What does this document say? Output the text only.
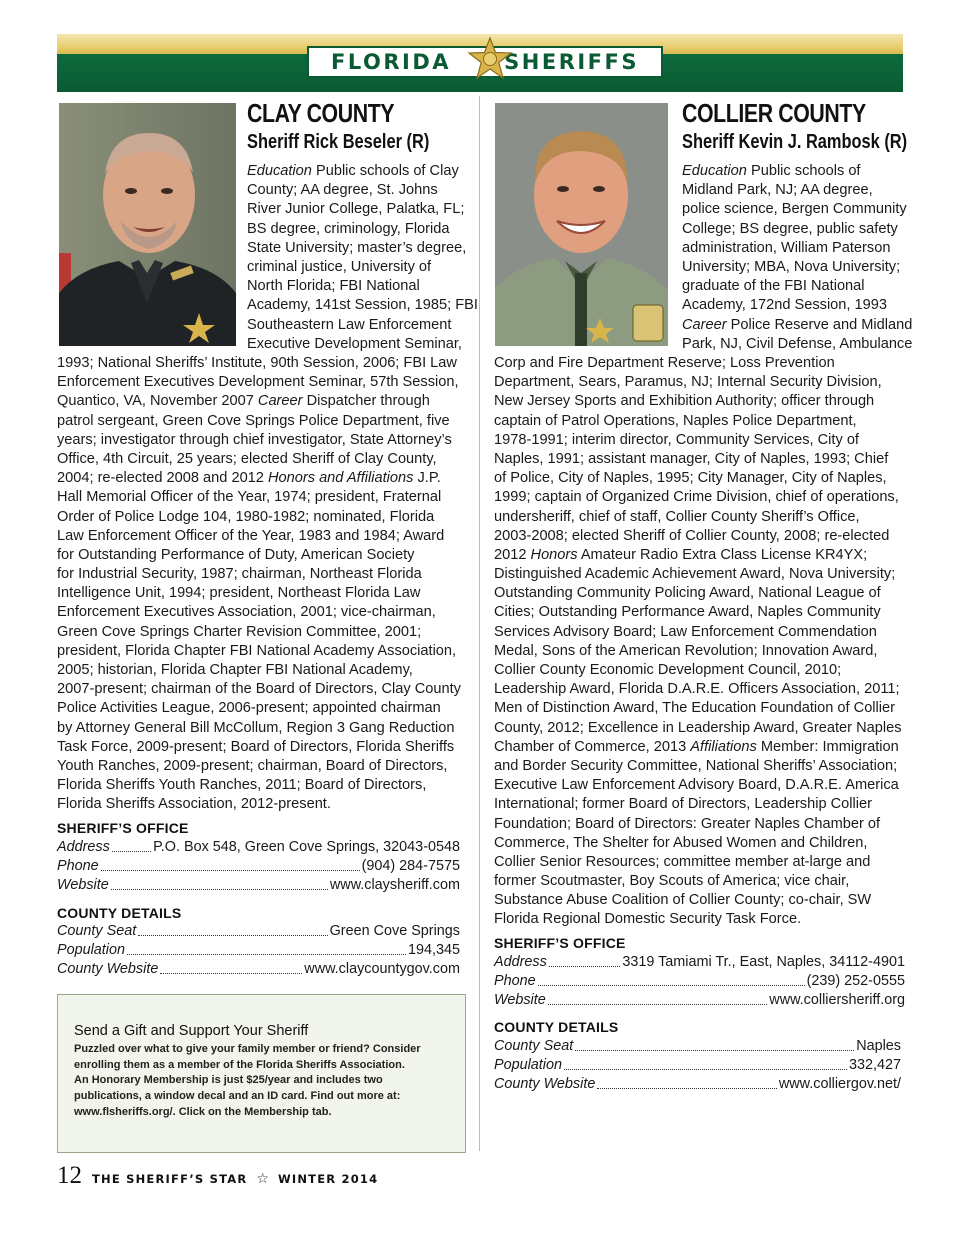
FLORIDA	SHERIFFS
CLAY COUNTY
Sheriff Rick Beseler (R)
COLLIER COUNTY
Sheriff Kevin J. Rambosk (R)
Education Public schools of Clay
County; AA degree, St. Johns
River Junior College, Palatka, FL;
BS degree, criminology, Florida
State University; master’s degree,
criminal justice, University of
North Florida; FBI National
Academy, 141st Session, 1985; FBI
Southeastern Law Enforcement
Executive Development Seminar,
1993; National Sheriffs’ Institute, 90th Session, 2006; FBI Law
Enforcement Executives Development Seminar, 57th Session,
Quantico, VA, November 2007 Career Dispatcher through
patrol sergeant, Green Cove Springs Police Department, five
years; investigator through chief investigator, State Attorney’s
Office, 4th Circuit, 25 years; elected Sheriff of Clay County,
2004; re-elected 2008 and 2012 Honors and Affiliations J.P.
Hall Memorial Officer of the Year, 1974; president, Fraternal
Order of Police Lodge 104, 1980-1982; nominated, Florida
Law Enforcement Officer of the Year, 1983 and 1984; Award
for Outstanding Performance of Duty, American Society
for Industrial Security, 1987; chairman, Northeast Florida
Intelligence Unit, 1994; president, Northeast Florida Law
Enforcement Executives Association, 2001; vice-chairman,
Green Cove Springs Charter Revision Committee, 2001;
president, Florida Chapter FBI National Academy Association,
2005; historian, Florida Chapter FBI National Academy,
2007-present; chairman of the Board of Directors, Clay County
Police Activities League, 2006-present; appointed chairman
by Attorney General Bill McCollum, Region 3 Gang Reduction
Task Force, 2009-present; Board of Directors, Florida Sheriffs
Youth Ranches, 2009-present; chairman, Board of Directors,
Florida Sheriffs Youth Ranches, 2011; Board of Directors,
Florida Sheriffs Association, 2012-present.
Education Public schools of
Midland Park, NJ; AA degree,
police science, Bergen Community
College; BS degree, public safety
administration, William Paterson
University; MBA, Nova University;
graduate of the FBI National
Academy, 172nd Session, 1993
Career Police Reserve and Midland
Park, NJ, Civil Defense, Ambulance
Corp and Fire Department Reserve; Loss Prevention
Department, Sears, Paramus, NJ; Internal Security Division,
New Jersey Sports and Exhibition Authority; officer through
captain of Patrol Operations, Naples Police Department,
1978-1991; interim director, Community Services, City of
Naples, 1991; assistant manager, City of Naples, 1993; Chief
of Police, City of Naples, 1995; City Manager, City of Naples,
1999; captain of Organized Crime Division, chief of operations,
undersheriff, chief of staff, Collier County Sheriff’s Office,
2003-2008; elected Sheriff of Collier County, 2008; re-elected
2012 Honors Amateur Radio Extra Class License KR4YX;
Distinguished Academic Achievement Award, Nova University;
Outstanding Community Policing Award, National League of
Cities; Outstanding Performance Award, Naples Community
Services Advisory Board; Law Enforcement Commendation
Medal, Sons of the American Revolution; Innovation Award,
Collier County Economic Development Council, 2010;
Leadership Award, Florida D.A.R.E. Officers Association, 2011;
Men of Distinction Award, The Education Foundation of Collier
County, 2012; Excellence in Leadership Award, Greater Naples
Chamber of Commerce, 2013 Affiliations Member: Immigration
and Border Security Committee, National Sheriffs’ Association;
Executive Law Enforcement Advisory Board, D.A.R.E. America
International; former Board of Directors, Leadership Collier
Foundation; Board of Directors: Greater Naples Chamber of
Commerce, The Shelter for Abused Women and Children,
Collier Senior Resources; committee member at-large and
former Scoutmaster, Boy Scouts of America; vice chair,
Substance Abuse Coalition of Collier County; co-chair, SW
Florida Regional Domestic Security Task Force.
SHERIFF’S OFFICE
Address	P.O. Box 548, Green Cove Springs, 32043-0548
Phone	(904) 284-7575
Website	www.claysheriff.com
COUNTY DETAILS
County Seat	Green Cove Springs
Population	194,345
County Website	www.claycountygov.com
SHERIFF’S OFFICE
Address	3319 Tamiami Tr., East, Naples, 34112-4901
Phone	(239) 252-0555
Website	www.colliersheriff.org
COUNTY DETAILS
County Seat	Naples
Population	332,427
County Website	www.colliergov.net/
Send a Gift and Support Your Sheriff

Puzzled over what to give your family member or friend? Consider
enrolling them as a member of the Florida Sheriffs Association.
An Honorary Membership is just $25/year and includes two
publications, a window decal and an ID card. Find out more at:
www.flsheriffs.org/. Click on the Membership tab.

12 THE SHERIFF’S STAR ☆ WINTER 2014
